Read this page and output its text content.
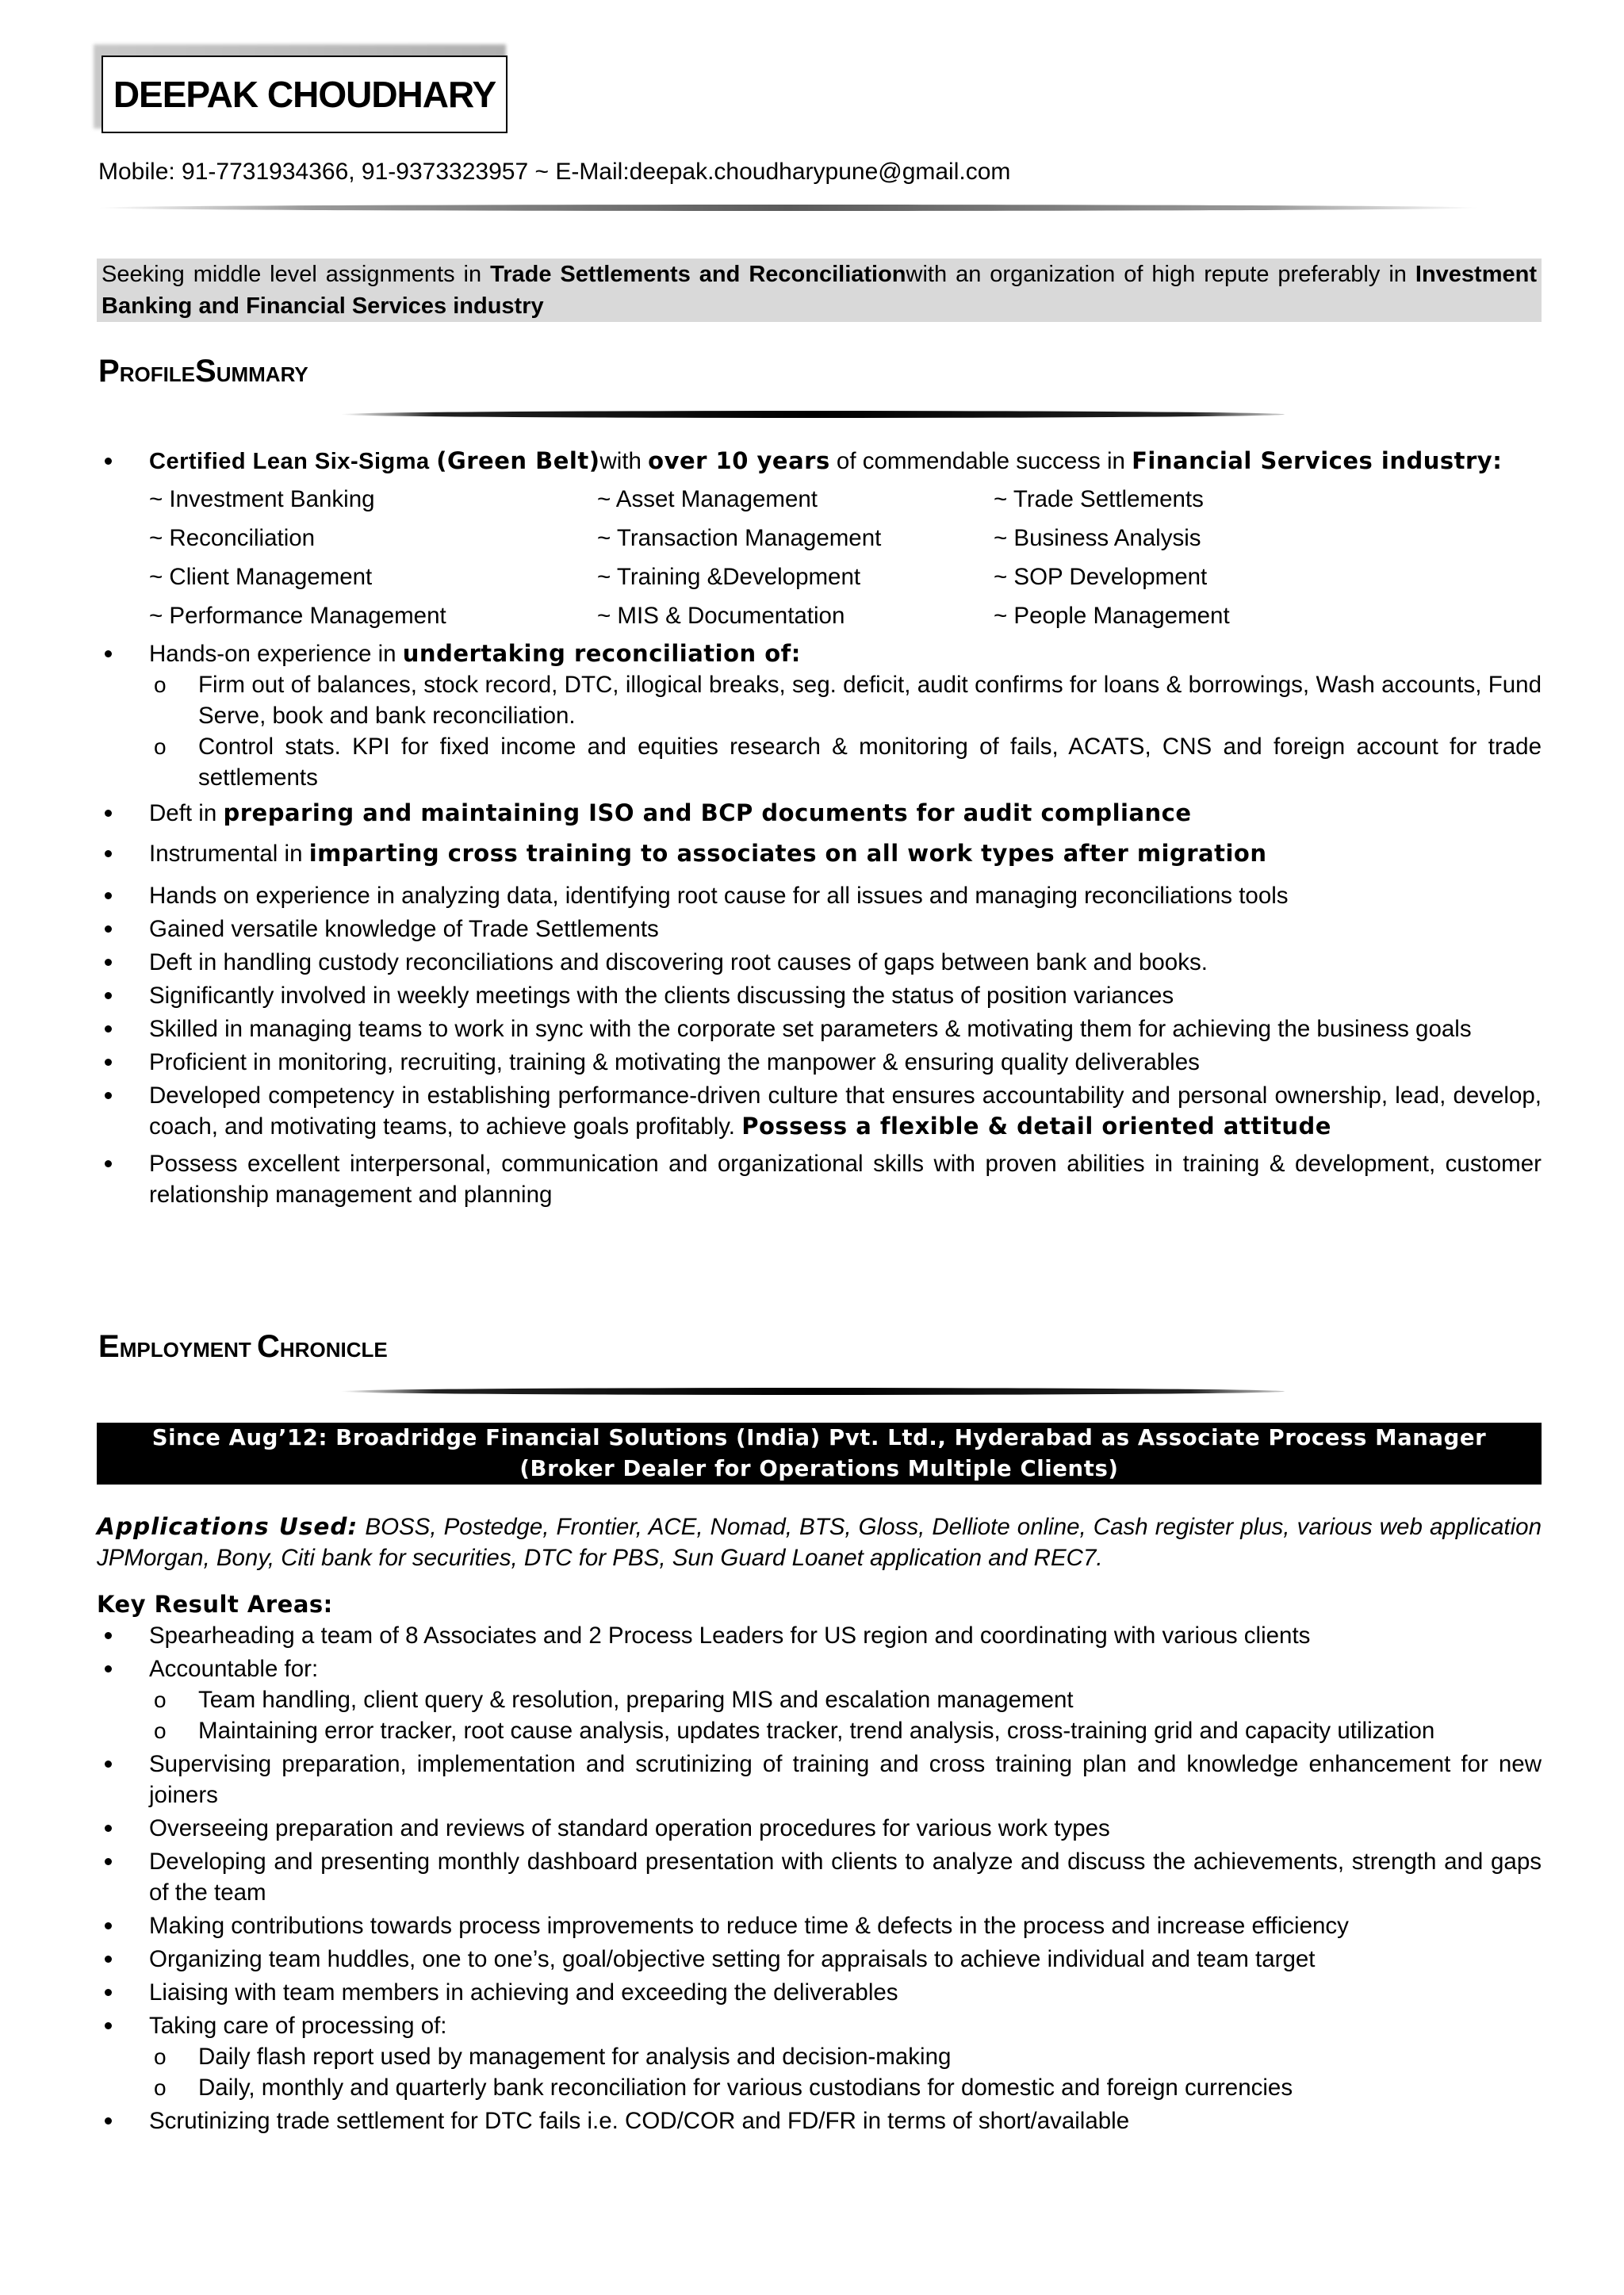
DEEPAK CHOUDHARY
Mobile: 91-7731934366, 91-9373323957 ~ E-Mail:deepak.choudharypune@gmail.com
Seeking middle level assignments in Trade Settlements and Reconciliationwith an organization of high repute preferably in Investment Banking and Financial Services industry
PROFILESUMMARY
Certified Lean Six-Sigma (Green Belt)with over 10 years of commendable success in Financial Services industry:
~ Investment Banking	~ Asset Management	~ Trade Settlements
~ Reconciliation	~ Transaction Management	~ Business Analysis
~ Client Management	~ Training &Development	~ SOP Development
~ Performance Management	~ MIS & Documentation	~ People Management
Hands-on experience in undertaking reconciliation of:
o Firm out of balances, stock record, DTC, illogical breaks, seg. deficit, audit confirms for loans & borrowings, Wash accounts, Fund Serve, book and bank reconciliation.
o Control stats. KPI for fixed income and equities research & monitoring of fails, ACATS, CNS and foreign account for trade settlements
Deft in preparing and maintaining ISO and BCP documents for audit compliance
Instrumental in imparting cross training to associates on all work types after migration
Hands on experience in analyzing data, identifying root cause for all issues and managing reconciliations tools
Gained versatile knowledge of Trade Settlements
Deft in handling custody reconciliations and discovering root causes of gaps between bank and books.
Significantly involved in weekly meetings with the clients discussing the status of position variances
Skilled in managing teams to work in sync with the corporate set parameters & motivating them for achieving the business goals
Proficient in monitoring, recruiting, training & motivating the manpower & ensuring quality deliverables
Developed competency in establishing performance-driven culture that ensures accountability and personal ownership, lead, develop, coach, and motivating teams, to achieve goals profitably. Possess a flexible & detail oriented attitude
Possess excellent interpersonal, communication and organizational skills with proven abilities in training & development, customer relationship management and planning
EMPLOYMENT CHRONICLE
Since Aug’12: Broadridge Financial Solutions (India) Pvt. Ltd., Hyderabad as Associate Process Manager
(Broker Dealer for Operations Multiple Clients)
Applications Used: BOSS, Postedge, Frontier, ACE, Nomad, BTS, Gloss, Delliote online, Cash register plus, various web application JPMorgan, Bony, Citi bank for securities, DTC for PBS, Sun Guard Loanet application and REC7.
Key Result Areas:
Spearheading a team of 8 Associates and 2 Process Leaders for US region and coordinating with various clients
Accountable for:
o Team handling, client query & resolution, preparing MIS and escalation management
o Maintaining error tracker, root cause analysis, updates tracker, trend analysis, cross-training grid and capacity utilization
Supervising preparation, implementation and scrutinizing of training and cross training plan and knowledge enhancement for new joiners
Overseeing preparation and reviews of standard operation procedures for various work types
Developing and presenting monthly dashboard presentation with clients to analyze and discuss the achievements, strength and gaps of the team
Making contributions towards process improvements to reduce time & defects in the process and increase efficiency
Organizing team huddles, one to one’s, goal/objective setting for appraisals to achieve individual and team target
Liaising with team members in achieving and exceeding the deliverables
Taking care of processing of:
o Daily flash report used by management for analysis and decision-making
o Daily, monthly and quarterly bank reconciliation for various custodians for domestic and foreign currencies
Scrutinizing trade settlement for DTC fails i.e. COD/COR and FD/FR in terms of short/available
